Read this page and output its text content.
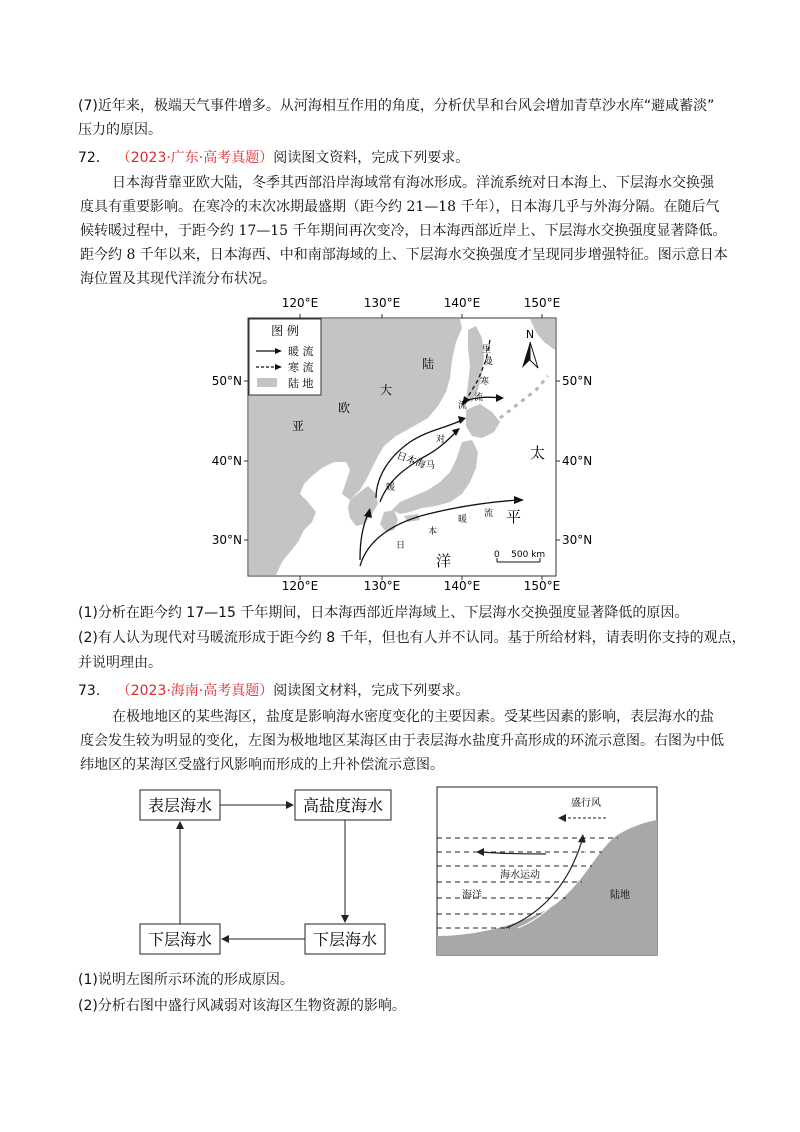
(7)近年来，极端天气事件增多。从河海相互作用的角度，分析伏旱和台风会增加青草沙水库“避咸蓄淡”
压力的原因。
72. （2023·广东·高考真题）阅读图文资料，完成下列要求。
日本海背靠亚欧大陆，冬季其西部沿岸海域常有海冰形成。洋流系统对日本海上、下层海水交换强
度具有重要影响。在寒冷的末次冰期最盛期（距今约 21—18 千年），日本海几乎与外海分隔。在随后气
候转暖过程中，于距今约 17—15 千年期间再次变冷，日本海西部近岸上、下层海水交换强度显著降低。
距今约 8 千年以来，日本海西、中和南部海域的上、下层海水交换强度才呈现同步增强特征。图示意日本
海位置及其现代洋流分布状况。
120°E	130°E	140°E	150°E
120°E	130°E	140°E	150°E
50°N
40°N
30°N
50°N
40°N
30°N
陆
大
欧
亚
太
平
洋
里
曼
寒
流
日本海
对
马
暖
流
日
本
暖
流
图 例
暖 流
寒 流
陆 地
N
0    500 km
(1)分析在距今约 17—15 千年期间，日本海西部近岸海域上、下层海水交换强度显著降低的原因。
(2)有人认为现代对马暖流形成于距今约 8 千年，但也有人并不认同。基于所给材料，请表明你支持的观点，
并说明理由。
73. （2023·海南·高考真题）阅读图文材料，完成下列要求。
在极地地区的某些海区，盐度是影响海水密度变化的主要因素。受某些因素的影响，表层海水的盐
度会发生较为明显的变化，左图为极地地区某海区由于表层海水盐度升高形成的环流示意图。右图为中低
纬地区的某海区受盛行风影响而形成的上升补偿流示意图。
表层海水	高盐度海水
下层海水	下层海水
盛行风
海水运动
海洋	陆地
(1)说明左图所示环流的形成原因。
(2)分析右图中盛行风减弱对该海区生物资源的影响。
